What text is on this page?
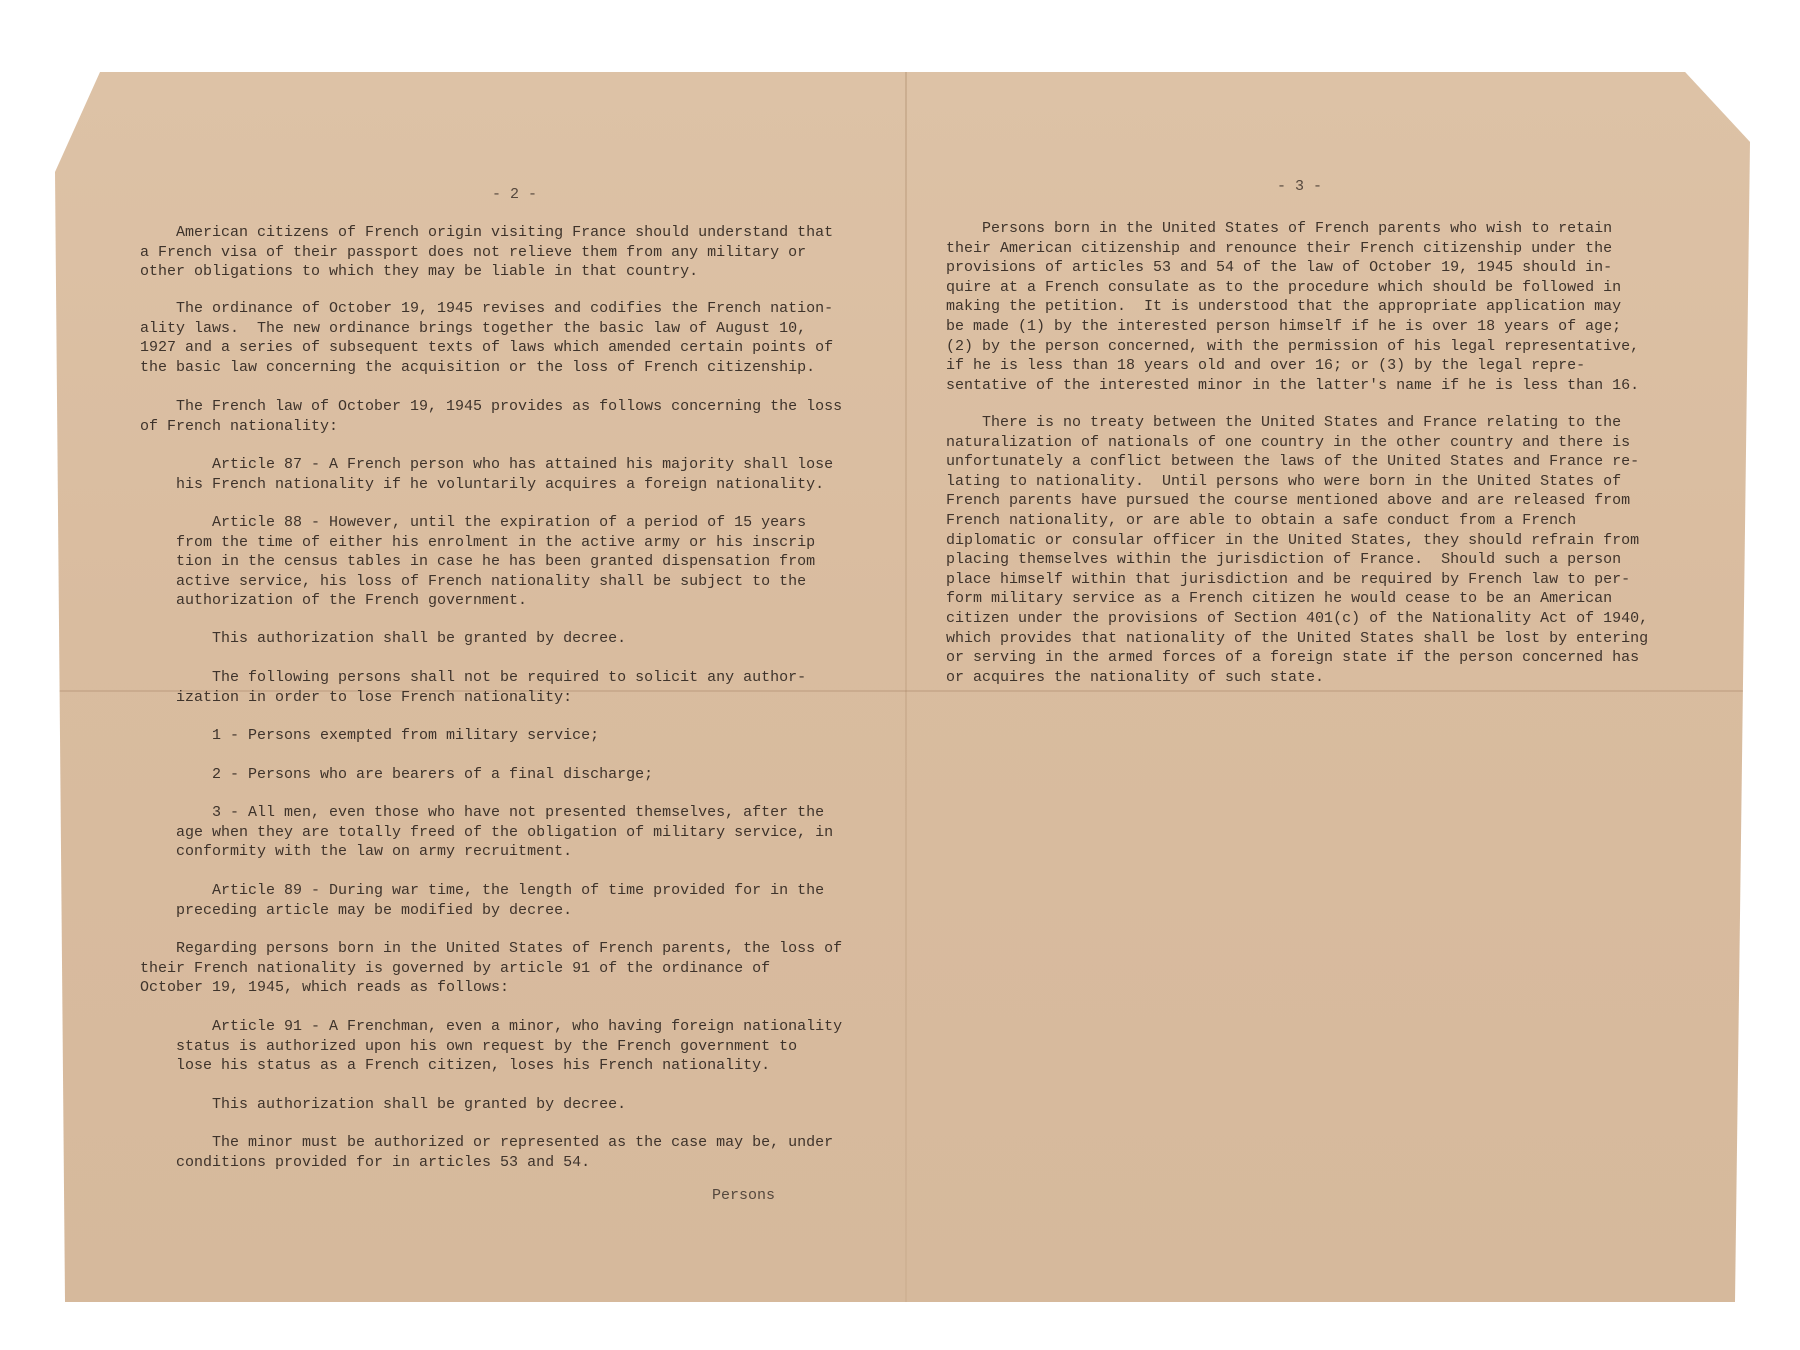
- 2 -

American citizens of French origin visiting France should understand that
a French visa of their passport does not relieve them from any military or
other obligations to which they may be liable in that country.

The ordinance of October 19, 1945 revises and codifies the French nation-
ality laws.  The new ordinance brings together the basic law of August 10,
1927 and a series of subsequent texts of laws which amended certain points of
the basic law concerning the acquisition or the loss of French citizenship.

The French law of October 19, 1945 provides as follows concerning the loss
of French nationality:

Article 87 - A French person who has attained his majority shall lose
his French nationality if he voluntarily acquires a foreign nationality.

Article 88 - However, until the expiration of a period of 15 years
from the time of either his enrolment in the active army or his inscrip
tion in the census tables in case he has been granted dispensation from
active service, his loss of French nationality shall be subject to the
authorization of the French government.

This authorization shall be granted by decree.

The following persons shall not be required to solicit any author-
ization in order to lose French nationality:

1 - Persons exempted from military service;

2 - Persons who are bearers of a final discharge;

3 - All men, even those who have not presented themselves, after the
age when they are totally freed of the obligation of military service, in
conformity with the law on army recruitment.

Article 89 - During war time, the length of time provided for in the
preceding article may be modified by decree.

Regarding persons born in the United States of French parents, the loss of
their French nationality is governed by article 91 of the ordinance of
October 19, 1945, which reads as follows:

Article 91 - A Frenchman, even a minor, who having foreign nationality
status is authorized upon his own request by the French government to
lose his status as a French citizen, loses his French nationality.

This authorization shall be granted by decree.

The minor must be authorized or represented as the case may be, under
conditions provided for in articles 53 and 54.

Persons
- 3 -

Persons born in the United States of French parents who wish to retain
their American citizenship and renounce their French citizenship under the
provisions of articles 53 and 54 of the law of October 19, 1945 should in-
quire at a French consulate as to the procedure which should be followed in
making the petition.  It is understood that the appropriate application may
be made (1) by the interested person himself if he is over 18 years of age;
(2) by the person concerned, with the permission of his legal representative,
if he is less than 18 years old and over 16; or (3) by the legal repre-
sentative of the interested minor in the latter's name if he is less than 16.

There is no treaty between the United States and France relating to the
naturalization of nationals of one country in the other country and there is
unfortunately a conflict between the laws of the United States and France re-
lating to nationality.  Until persons who were born in the United States of
French parents have pursued the course mentioned above and are released from
French nationality, or are able to obtain a safe conduct from a French
diplomatic or consular officer in the United States, they should refrain from
placing themselves within the jurisdiction of France.  Should such a person
place himself within that jurisdiction and be required by French law to per-
form military service as a French citizen he would cease to be an American
citizen under the provisions of Section 401(c) of the Nationality Act of 1940,
which provides that nationality of the United States shall be lost by entering
or serving in the armed forces of a foreign state if the person concerned has
or acquires the nationality of such state.
